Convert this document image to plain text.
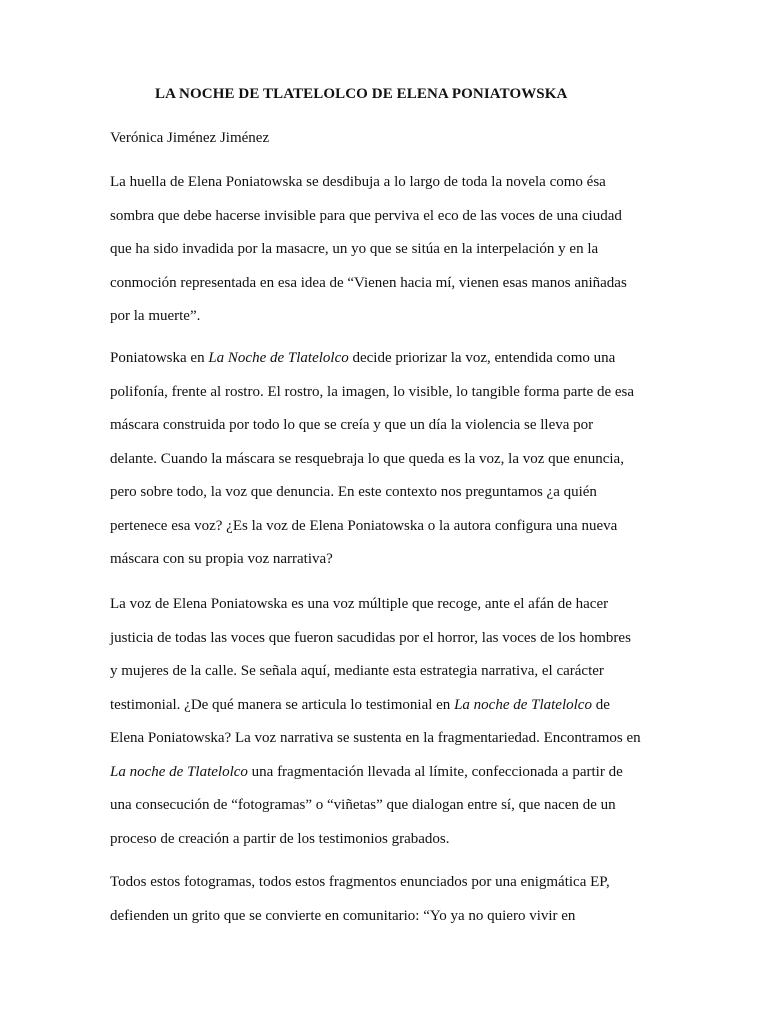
LA NOCHE DE TLATELOLCO DE ELENA PONIATOWSKA
Verónica Jiménez Jiménez
La huella de Elena Poniatowska se desdibuja a lo largo de toda la novela como ésa
sombra que debe hacerse invisible para que perviva el eco de las voces de una ciudad
que ha sido invadida por la masacre, un yo que se sitúa en la interpelación y en la
conmoción representada en esa idea de “Vienen hacia mí, vienen esas manos aniñadas
por la muerte”.
Poniatowska en La Noche de Tlatelolco decide priorizar la voz, entendida como una
polifonía, frente al rostro. El rostro, la imagen, lo visible, lo tangible forma parte de esa
máscara construida por todo lo que se creía y que un día la violencia se lleva por
delante. Cuando la máscara se resquebraja lo que queda es la voz, la voz que enuncia,
pero sobre todo, la voz que denuncia. En este contexto nos preguntamos ¿a quién
pertenece esa voz? ¿Es la voz de Elena Poniatowska o la autora configura una nueva
máscara con su propia voz narrativa?
La voz de Elena Poniatowska es una voz múltiple que recoge, ante el afán de hacer
justicia de todas las voces que fueron sacudidas por el horror, las voces de los hombres
y mujeres de la calle. Se señala aquí, mediante esta estrategia narrativa, el carácter
testimonial. ¿De qué manera se articula lo testimonial en La noche de Tlatelolco de
Elena Poniatowska? La voz narrativa se sustenta en la fragmentariedad. Encontramos en
La noche de Tlatelolco una fragmentación llevada al límite, confeccionada a partir de
una consecución de “fotogramas” o “viñetas” que dialogan entre sí, que nacen de un
proceso de creación a partir de los testimonios grabados.
Todos estos fotogramas, todos estos fragmentos enunciados por una enigmática EP,
defienden un grito que se convierte en comunitario: “Yo ya no quiero vivir en
